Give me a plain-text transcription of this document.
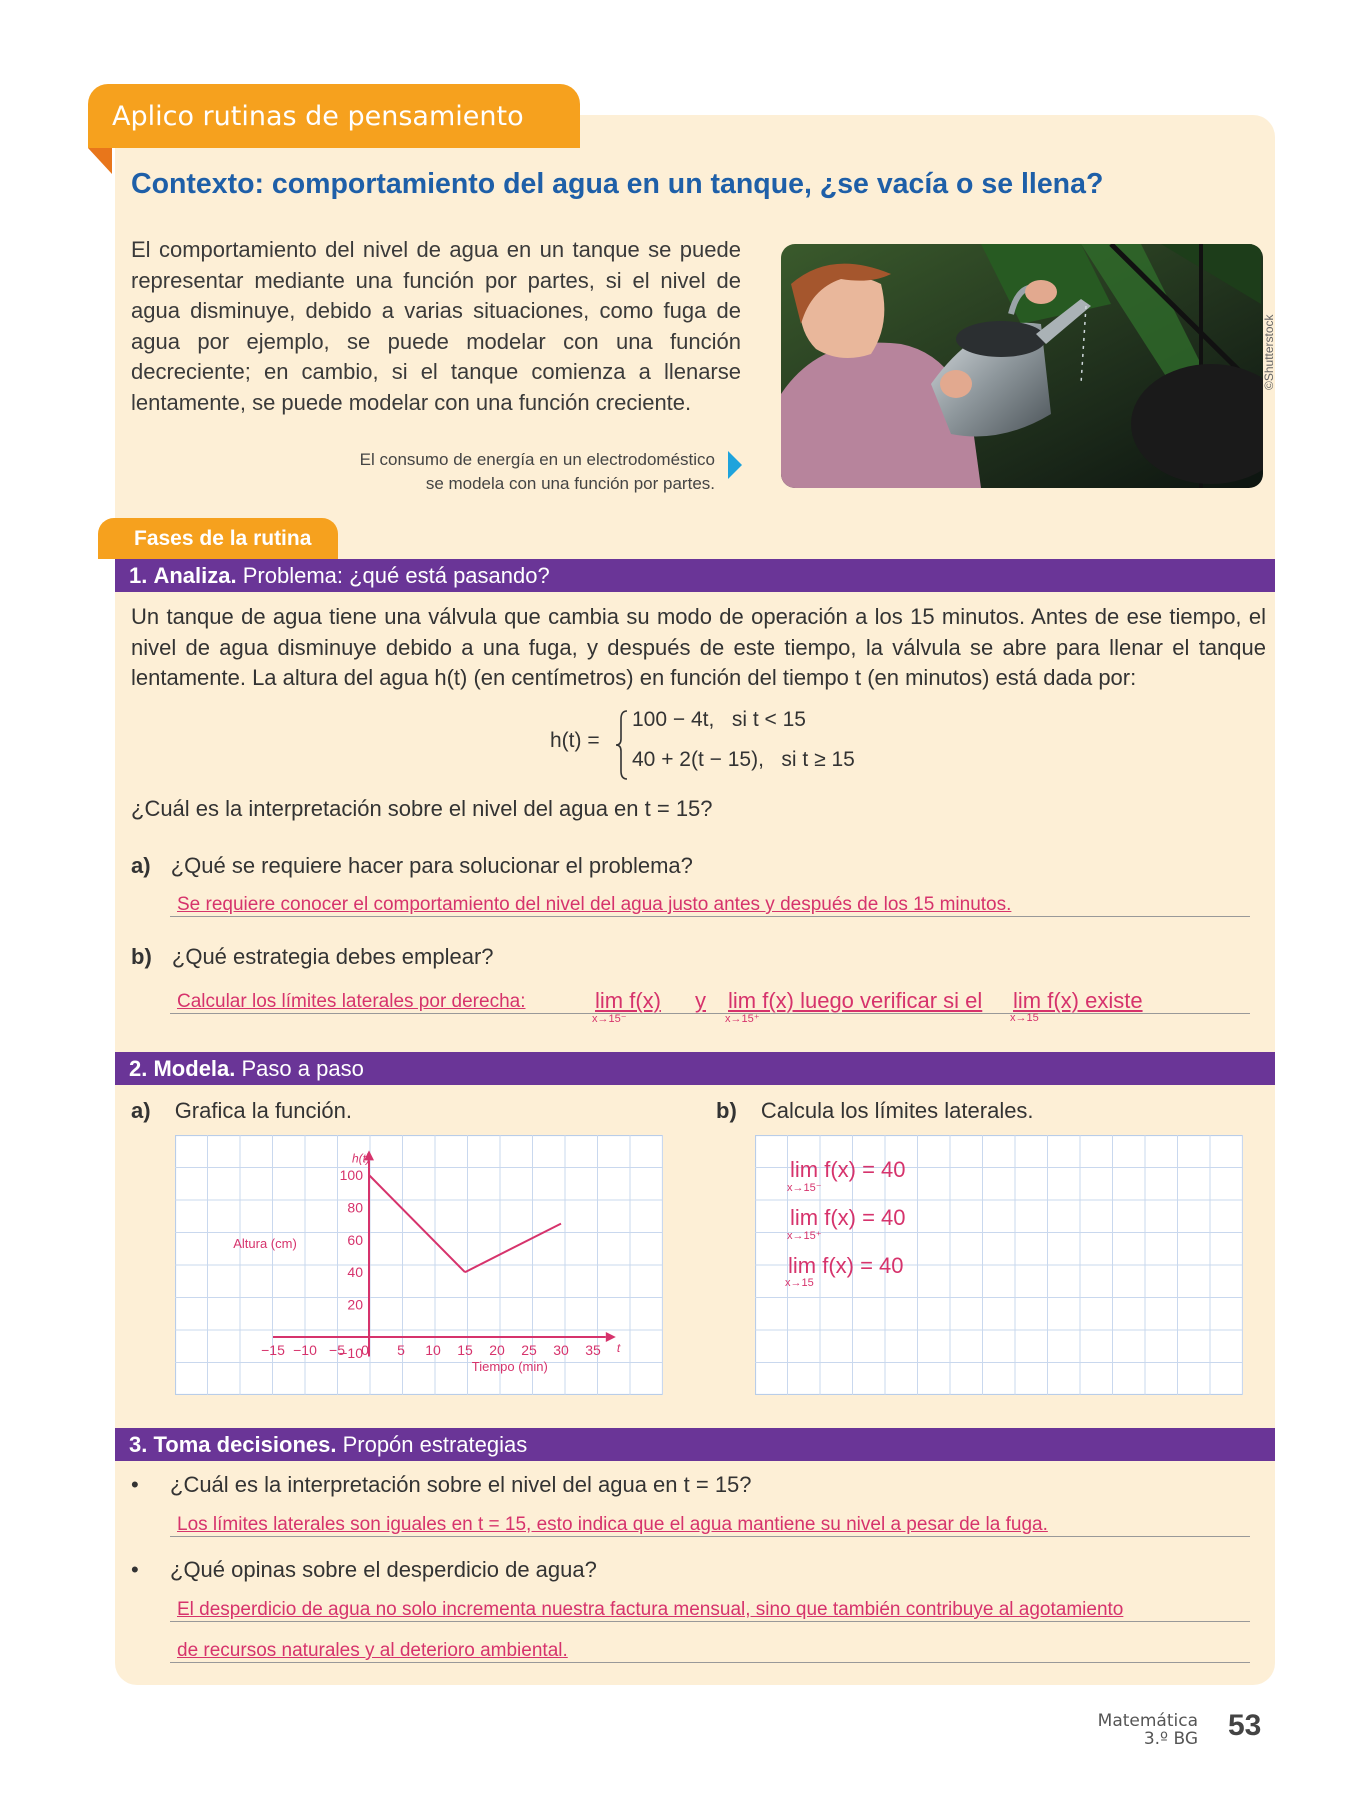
Aplico rutinas de pensamiento
Contexto: comportamiento del agua en un tanque, ¿se vacía o se llena?
El comportamiento del nivel de agua en un tanque se puede representar mediante una función por partes, si el nivel de agua disminuye, debido a varias situaciones, como fuga de agua por ejemplo, se puede modelar con una función decreciente; en cambio, si el tanque comienza a llenarse lentamente, se puede modelar con una función creciente.
El consumo de energía en un electrodoméstico
se modela con una función por partes.
©Shutterstock
Fases de la rutina
1. Analiza. Problema: ¿qué está pasando?
Un tanque de agua tiene una válvula que cambia su modo de operación a los 15 minutos. Antes de ese tiempo, el nivel de agua disminuye debido a una fuga, y después de este tiempo, la válvula se abre para llenar el tanque lentamente. La altura del agua h(t) (en centímetros) en función del tiempo t (en minutos) está dada por:
h(t) =
100 − 4t,   si t < 15
40 + 2(t − 15),   si t ≥ 15
¿Cuál es la interpretación sobre el nivel del agua en t = 15?
a) ¿Qué se requiere hacer para solucionar el problema?
Se requiere conocer el comportamiento del nivel del agua justo antes y después de los 15 minutos.
b) ¿Qué estrategia debes emplear?
Calcular los límites laterales por derecha:	lim f(x)
x→15⁻
y lim f(x) luego verificar si el
x→15⁺
lim f(x) existe
x→15
2. Modela. Paso a paso
a) Grafica la función.	b) Calcula los límites laterales.
−15 −10 −5 0 5 10 15 20 25 30 35
100
80
60
40
20
−10
h(t)
Altura (cm)
Tiempo (min)
t
lim f(x) = 40
x→15⁻
lim f(x) = 40
x→15⁺
lim f(x) = 40
x→15
3. Toma decisiones. Propón estrategias
• ¿Cuál es la interpretación sobre el nivel del agua en t = 15?
Los límites laterales son iguales en t = 15, esto indica que el agua mantiene su nivel a pesar de la fuga.
• ¿Qué opinas sobre el desperdicio de agua?
El desperdicio de agua no solo incrementa nuestra factura mensual, sino que también contribuye al agotamiento
de recursos naturales y al deterioro ambiental.
Matemática
3.º BG 53
